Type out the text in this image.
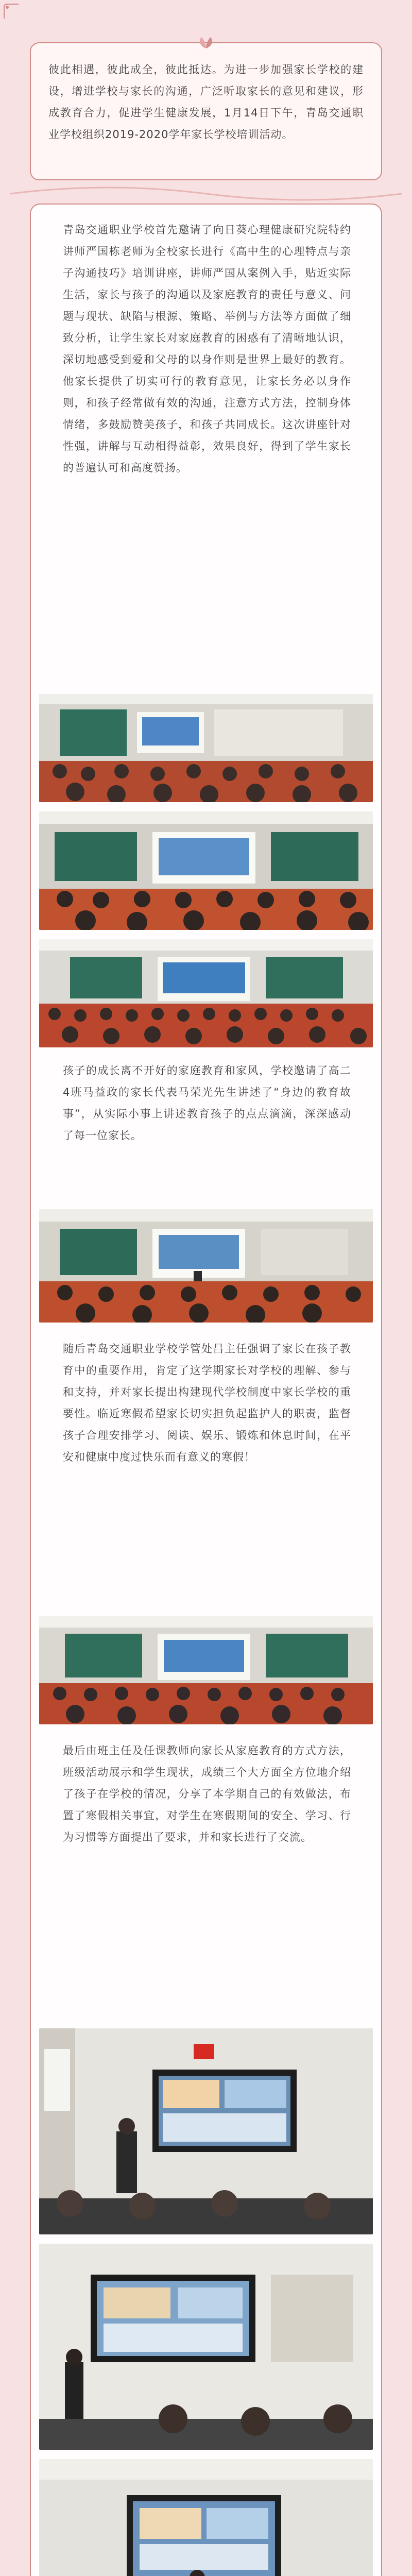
彼此相遇，彼此成全，彼此抵达。为进一步加强家长学校的建设，增进学校与家长的沟通，广泛听取家长的意见和建议，形成教育合力，促进学生健康发展，1月14日下午，青岛交通职业学校组织2019-2020学年家长学校培训活动。

青岛交通职业学校首先邀请了向日葵心理健康研究院特约讲师严国栋老师为全校家长进行《高中生的心理特点与亲子沟通技巧》培训讲座，讲师严国从案例入手，贴近实际生活，家长与孩子的沟通以及家庭教育的责任与意义、问题与现状、缺陷与根源、策略、举例与方法等方面做了细致分析，让学生家长对家庭教育的困惑有了清晰地认识，深切地感受到爱和父母的以身作则是世界上最好的教育。他家长提供了切实可行的教育意见，让家长务必以身作则，和孩子经常做有效的沟通，注意方式方法，控制身体情绪，多鼓励赞美孩子，和孩子共同成长。这次讲座针对性强，讲解与互动相得益彰，效果良好，得到了学生家长的普遍认可和高度赞扬。

孩子的成长离不开好的家庭教育和家风，学校邀请了高二4班马益政的家长代表马荣光先生讲述了“身边的教育故事”，从实际小事上讲述教育孩子的点点滴滴，深深感动了每一位家长。

随后青岛交通职业学校学管处吕主任强调了家长在孩子教育中的重要作用，肯定了这学期家长对学校的理解、参与和支持，并对家长提出构建现代学校制度中家长学校的重要性。临近寒假希望家长切实担负起监护人的职责，监督孩子合理安排学习、阅读、娱乐、锻炼和休息时间，在平安和健康中度过快乐而有意义的寒假！

最后由班主任及任课教师向家长从家庭教育的方式方法，班级活动展示和学生现状，成绩三个大方面全方位地介绍了孩子在学校的情况，分享了本学期自己的有效做法，布置了寒假相关事宜，对学生在寒假期间的安全、学习、行为习惯等方面提出了要求，并和家长进行了交流。
